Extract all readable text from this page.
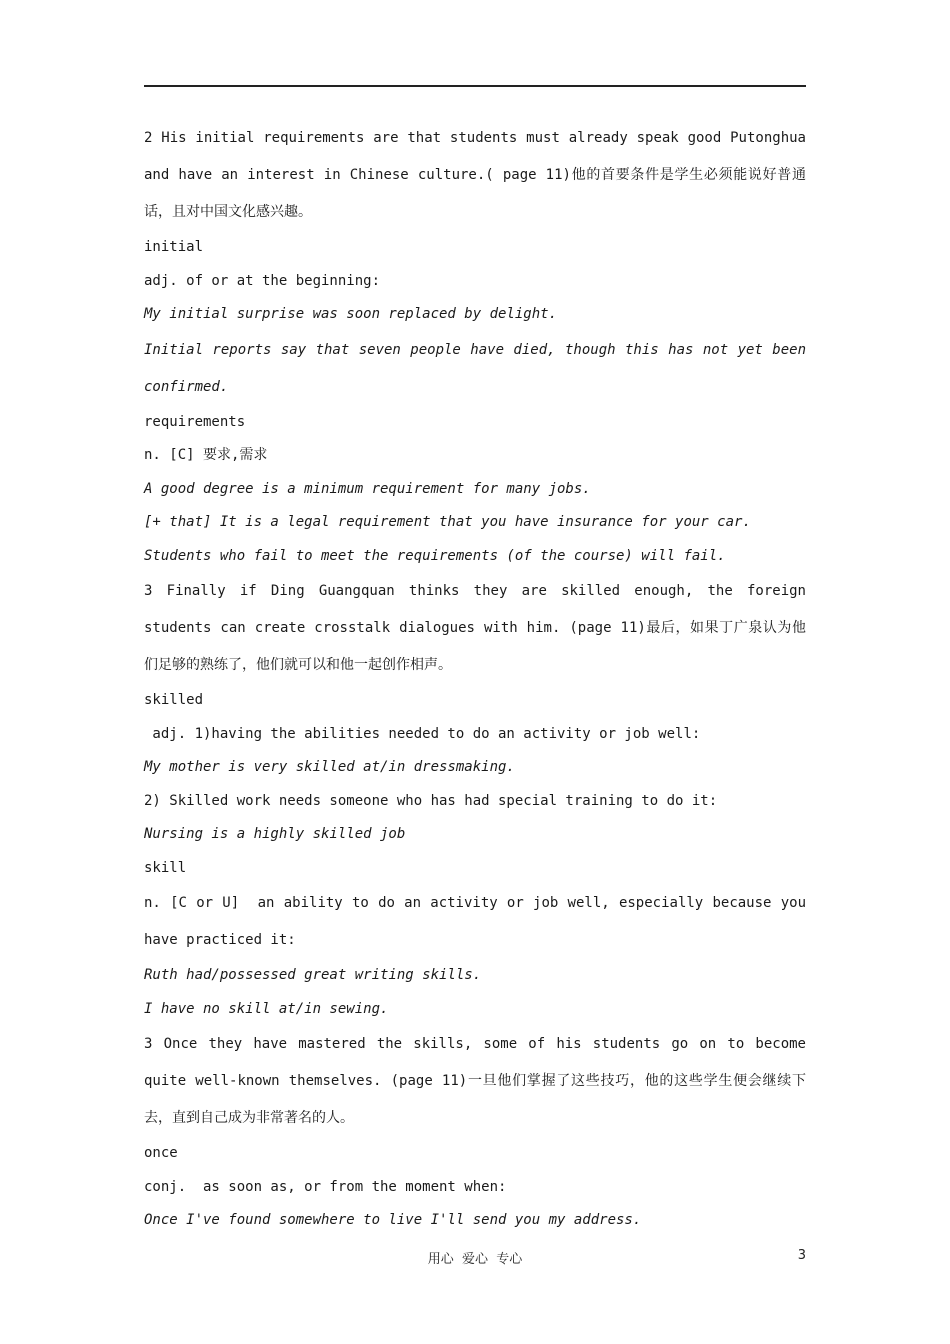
2 His initial requirements are that students must already speak good Putonghua and have an interest in Chinese culture.( page 11)他的首要条件是学生必须能说好普通话，且对中国文化感兴趣。
initial
adj. of or at the beginning:
My initial surprise was soon replaced by delight.
Initial reports say that seven people have died, though this has not yet been confirmed.
requirements
n. [C] 要求,需求
A good degree is a minimum requirement for many jobs.
[+ that] It is a legal requirement that you have insurance for your car.
Students who fail to meet the requirements (of the course) will fail.
3 Finally if Ding Guangquan thinks they are skilled enough, the foreign students can create crosstalk dialogues with him. (page 11)最后，如果丁广泉认为他们足够的熟练了，他们就可以和他一起创作相声。
skilled
adj. 1)having the abilities needed to do an activity or job well:
My mother is very skilled at/in dressmaking.
2) Skilled work needs someone who has had special training to do it:
Nursing is a highly skilled job
skill
n. [C or U]  an ability to do an activity or job well, especially because you have practiced it:
Ruth had/possessed great writing skills.
I have no skill at/in sewing.
3 Once they have mastered the skills, some of his students go on to become quite well-known themselves. (page 11)一旦他们掌握了这些技巧，他的这些学生便会继续下去，直到自己成为非常著名的人。
once
conj.  as soon as, or from the moment when:
Once I've found somewhere to live I'll send you my address.
用心  爱心  专心	3
